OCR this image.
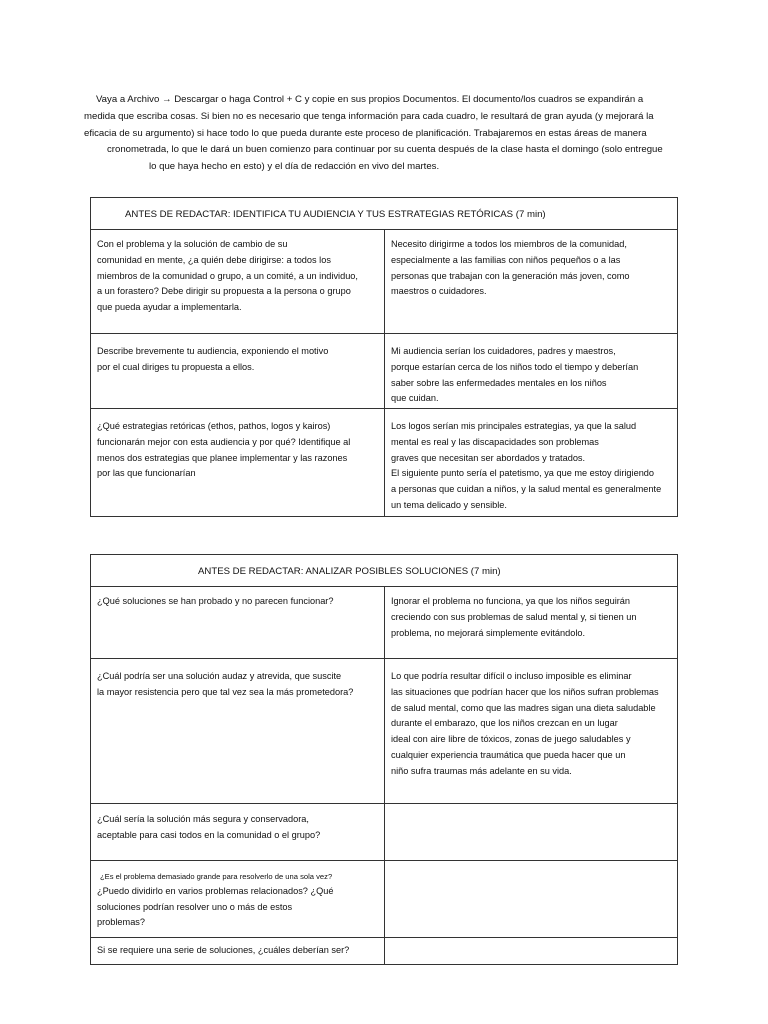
Vaya a Archivo → Descargar o haga Control + C y copie en sus propios Documentos. El documento/los cuadros se expandirán a
medida que escriba cosas. Si bien no es necesario que tenga información para cada cuadro, le resultará de gran ayuda (y mejorará la
eficacia de su argumento) si hace todo lo que pueda durante este proceso de planificación. Trabajaremos en estas áreas de manera
cronometrada, lo que le dará un buen comienzo para continuar por su cuenta después de la clase hasta el domingo (solo entregue
lo que haya hecho en esto) y el día de redacción en vivo del martes.
ANTES DE REDACTAR: IDENTIFICA TU AUDIENCIA Y TUS ESTRATEGIAS RETÓRICAS (7 min)
Con el problema y la solución de cambio de su
comunidad en mente, ¿a quién debe dirigirse: a todos los
miembros de la comunidad o grupo, a un comité, a un individuo,
a un forastero? Debe dirigir su propuesta a la persona o grupo
que pueda ayudar a implementarla.
Necesito dirigirme a todos los miembros de la comunidad,
especialmente a las familias con niños pequeños o a las
personas que trabajan con la generación más joven, como
maestros o cuidadores.
Describe brevemente tu audiencia, exponiendo el motivo
por el cual diriges tu propuesta a ellos.
Mi audiencia serían los cuidadores, padres y maestros,
porque estarían cerca de los niños todo el tiempo y deberían
saber sobre las enfermedades mentales en los niños
que cuidan.
¿Qué estrategias retóricas (ethos, pathos, logos y kairos)
funcionarán mejor con esta audiencia y por qué? Identifique al
menos dos estrategias que planee implementar y las razones
por las que funcionarían
Los logos serían mis principales estrategias, ya que la salud
mental es real y las discapacidades son problemas
graves que necesitan ser abordados y tratados.
El siguiente punto sería el patetismo, ya que me estoy dirigiendo
a personas que cuidan a niños, y la salud mental es generalmente
un tema delicado y sensible.
ANTES DE REDACTAR: ANALIZAR POSIBLES SOLUCIONES (7 min)
¿Qué soluciones se han probado y no parecen funcionar?	Ignorar el problema no funciona, ya que los niños seguirán
creciendo con sus problemas de salud mental y, si tienen un
problema, no mejorará simplemente evitándolo.
¿Cuál podría ser una solución audaz y atrevida, que suscite
la mayor resistencia pero que tal vez sea la más prometedora?
Lo que podría resultar difícil o incluso imposible es eliminar
las situaciones que podrían hacer que los niños sufran problemas
de salud mental, como que las madres sigan una dieta saludable
durante el embarazo, que los niños crezcan en un lugar
ideal con aire libre de tóxicos, zonas de juego saludables y
cualquier experiencia traumática que pueda hacer que un
niño sufra traumas más adelante en su vida.
¿Cuál sería la solución más segura y conservadora,
aceptable para casi todos en la comunidad o el grupo?
¿Es el problema demasiado grande para resolverlo de una sola vez?
¿Puedo dividirlo en varios problemas relacionados? ¿Qué
soluciones podrían resolver uno o más de estos
problemas?
Si se requiere una serie de soluciones, ¿cuáles deberían ser?
